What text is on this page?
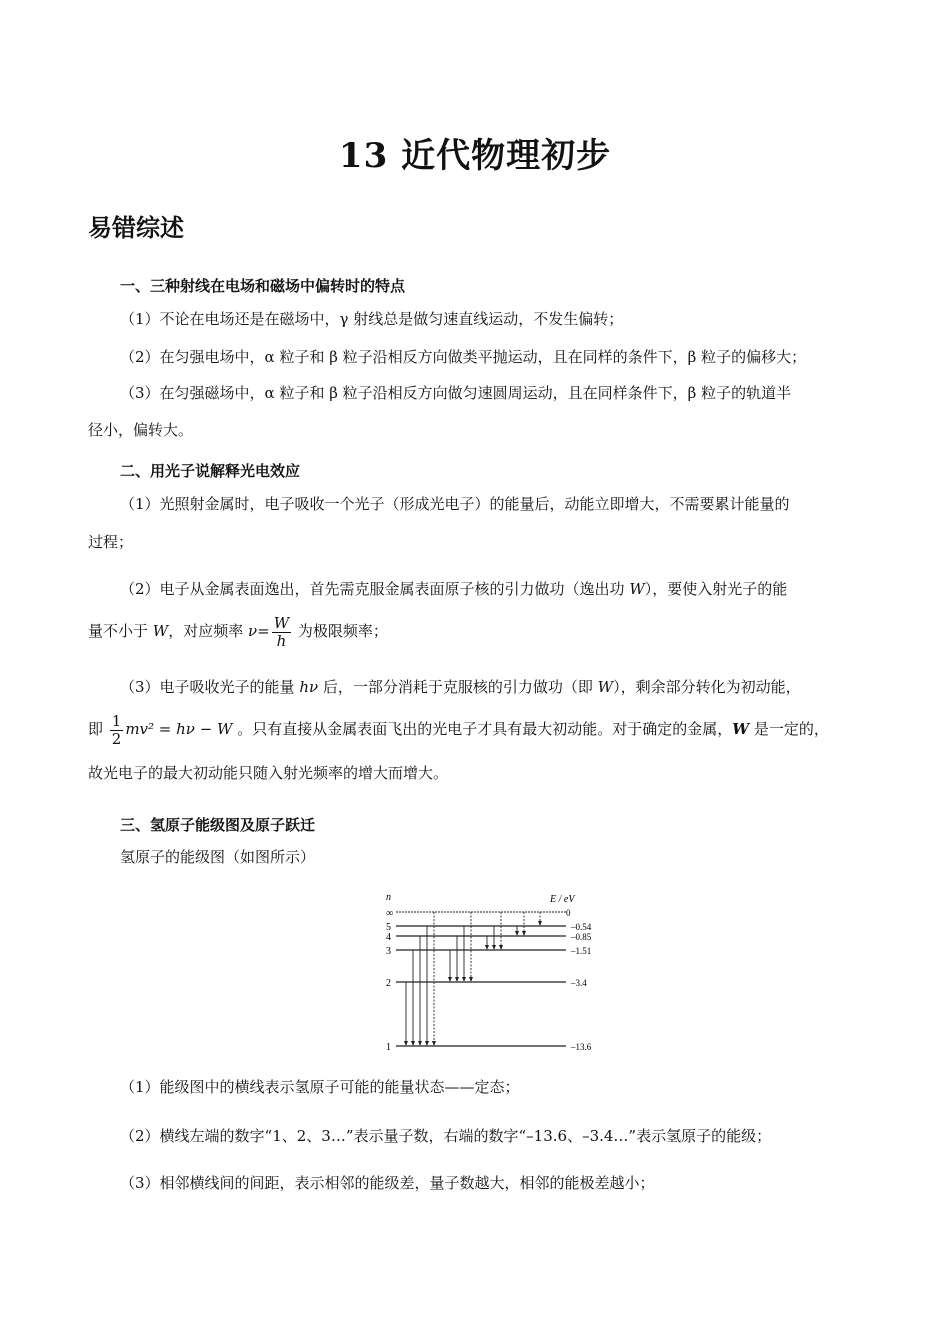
13 近代物理初步
易错综述
一、三种射线在电场和磁场中偏转时的特点
（1）不论在电场还是在磁场中，γ 射线总是做匀速直线运动，不发生偏转；
（2）在匀强电场中，α 粒子和 β 粒子沿相反方向做类平抛运动，且在同样的条件下，β 粒子的偏移大；
（3）在匀强磁场中，α 粒子和 β 粒子沿相反方向做匀速圆周运动，且在同样条件下，β 粒子的轨道半
径小，偏转大。
二、用光子说解释光电效应
（1）光照射金属时，电子吸收一个光子（形成光电子）的能量后，动能立即增大，不需要累计能量的
过程；
（2）电子从金属表面逸出，首先需克服金属表面原子核的引力做功（逸出功 W），要使入射光子的能
量不小于 W，对应频率 $\nu= \frac{W}{h}$ 为极限频率；
（3）电子吸收光子的能量 hν 后，一部分消耗于克服核的引力做功（即 W），剩余部分转化为初动能，
即 $\frac{1}{2} mv^2 = h\nu - W$ 。只有直接从金属表面飞出的光电子才具有最大初动能。对于确定的金属，W 是一定的，
故光电子的最大初动能只随入射光频率的增大而增大。
三、氢原子能级图及原子跃迁
氢原子的能级图（如图所示）
n	E / eV
∞	0
5	–0.54
4	–0.85
3	–1.51
2	–3.4
1	–13.6
（1）能级图中的横线表示氢原子可能的能量状态——定态；
（2）横线左端的数字“1、2、3…”表示量子数，右端的数字“–13.6、–3.4…”表示氢原子的能级；
（3）相邻横线间的间距，表示相邻的能级差，量子数越大，相邻的能极差越小；
